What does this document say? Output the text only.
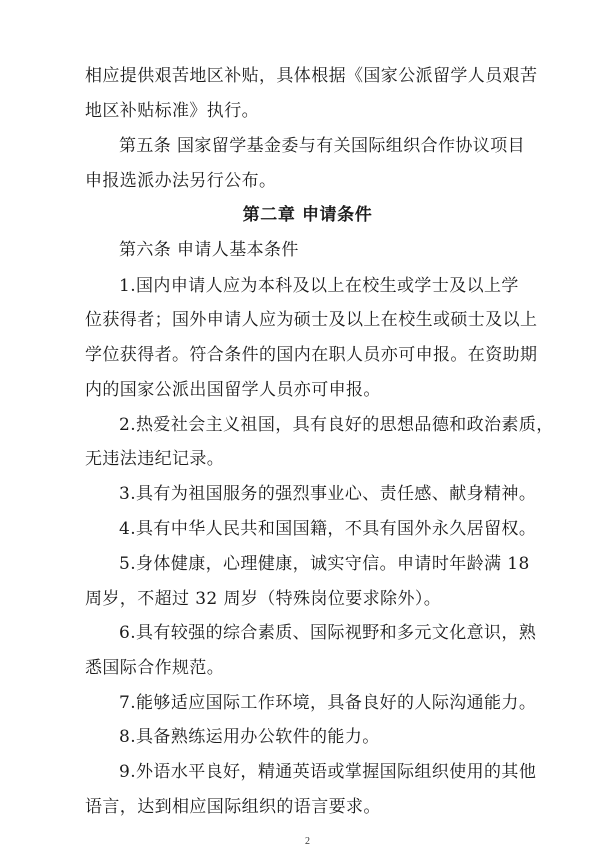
相应提供艰苦地区补贴，具体根据《国家公派留学人员艰苦
地区补贴标准》执行。
第五条 国家留学基金委与有关国际组织合作协议项目
申报选派办法另行公布。
第二章 申请条件
第六条 申请人基本条件
1.国内申请人应为本科及以上在校生或学士及以上学
位获得者；国外申请人应为硕士及以上在校生或硕士及以上
学位获得者。符合条件的国内在职人员亦可申报。在资助期
内的国家公派出国留学人员亦可申报。
2.热爱社会主义祖国，具有良好的思想品德和政治素质，
无违法违纪记录。
3.具有为祖国服务的强烈事业心、责任感、献身精神。
4.具有中华人民共和国国籍，不具有国外永久居留权。
5.身体健康，心理健康，诚实守信。申请时年龄满 18
周岁，不超过 32 周岁（特殊岗位要求除外）。
6.具有较强的综合素质、国际视野和多元文化意识，熟
悉国际合作规范。
7.能够适应国际工作环境，具备良好的人际沟通能力。
8.具备熟练运用办公软件的能力。
9.外语水平良好，精通英语或掌握国际组织使用的其他
语言，达到相应国际组织的语言要求。
2
